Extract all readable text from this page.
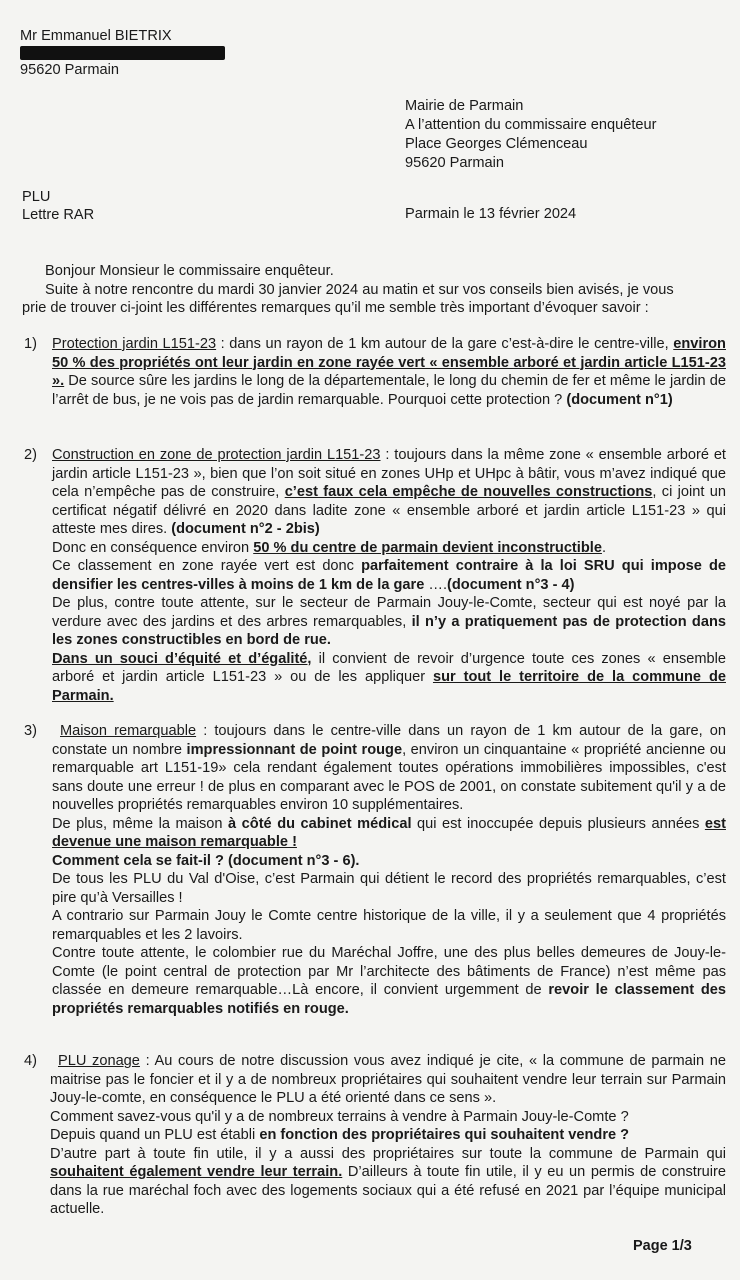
Mr Emmanuel BIETRIX
95620 Parmain
Mairie de Parmain
A l’attention du commissaire enquêteur
Place Georges Clémenceau
95620 Parmain
PLU
Lettre RAR	Parmain le 13 février 2024
Bonjour Monsieur le commissaire enquêteur.
Suite à notre rencontre du mardi 30 janvier 2024 au matin et sur vos conseils bien avisés, je vous
prie de trouver ci-joint les différentes remarques qu’il me semble très important d’évoquer savoir :
1) Protection jardin L151-23 : dans un rayon de 1 km autour de la gare c’est-à-dire le centre-ville, environ 50 % des propriétés ont leur jardin en zone rayée vert « ensemble arboré et jardin article L151-23 ». De source sûre les jardins le long de la départementale, le long du chemin de fer et même le jardin de l’arrêt de bus, je ne vois pas de jardin remarquable. Pourquoi cette protection ? (document n°1)

2) Construction en zone de protection jardin L151-23 : toujours dans la même zone « ensemble arboré et jardin article L151-23 », bien que l’on soit situé en zones UHp et UHpc à bâtir, vous m’avez indiqué que cela n’empêche pas de construire, c’est faux cela empêche de nouvelles constructions, ci joint un certificat négatif délivré en 2020 dans ladite zone « ensemble arboré et jardin article L151-23 » qui atteste mes dires. (document n°2 - 2bis)

Donc en conséquence environ 50 % du centre de parmain devient inconstructible.

Ce classement en zone rayée vert est donc parfaitement contraire à la loi SRU qui impose de densifier les centres-villes à moins de 1 km de la gare ….(document n°3 - 4)

De plus, contre toute attente, sur le secteur de Parmain Jouy-le-Comte, secteur qui est noyé par la verdure avec des jardins et des arbres remarquables, il n’y a pratiquement pas de protection dans les zones constructibles en bord de rue.

Dans un souci d’équité et d’égalité, il convient de revoir d’urgence toute ces zones « ensemble arboré et jardin article L151-23 » ou de les appliquer sur tout le territoire de la commune de Parmain.

3)	Maison remarquable : toujours dans le centre-ville dans un rayon de 1 km autour de la gare, on constate un nombre impressionnant de point rouge, environ un cinquantaine « propriété ancienne ou remarquable art L151-19» cela rendant également toutes opérations immobilières impossibles, c'est sans doute une erreur ! de plus en comparant avec le POS de 2001, on constate subitement qu'il y a de nouvelles propriétés remarquables environ 10 supplémentaires.

De plus, même la maison à côté du cabinet médical qui est inoccupée depuis plusieurs années est devenue une maison remarquable !

Comment cela se fait-il ? (document n°3 - 6).

De tous les PLU du Val d'Oise, c’est Parmain qui détient le record des propriétés remarquables, c’est pire qu’à Versailles !

A contrario sur Parmain Jouy le Comte centre historique de la ville, il y a seulement que 4 propriétés remarquables et les 2 lavoirs.

Contre toute attente, le colombier rue du Maréchal Joffre, une des plus belles demeures de Jouy-le-Comte (le point central de protection par Mr l’architecte des bâtiments de France) n’est même pas classée en demeure remarquable…Là encore, il convient urgemment de revoir le classement des propriétés remarquables notifiés en rouge.

4)	PLU zonage : Au cours de notre discussion vous avez indiqué je cite, « la commune de parmain ne maitrise pas le foncier et il y a de nombreux propriétaires qui souhaitent vendre leur terrain sur Parmain Jouy-le-comte, en conséquence le PLU a été orienté dans ce sens ».

Comment savez-vous qu'il y a de nombreux terrains à vendre à Parmain Jouy-le-Comte ?

Depuis quand un PLU est établi en fonction des propriétaires qui souhaitent vendre ?

D’autre part à toute fin utile, il y a aussi des propriétaires sur toute la commune de Parmain qui souhaitent également vendre leur terrain. D’ailleurs à toute fin utile, il y eu un permis de construire dans la rue maréchal foch avec des logements sociaux qui a été refusé en 2021 par l’équipe municipal actuelle.

Page 1/3
